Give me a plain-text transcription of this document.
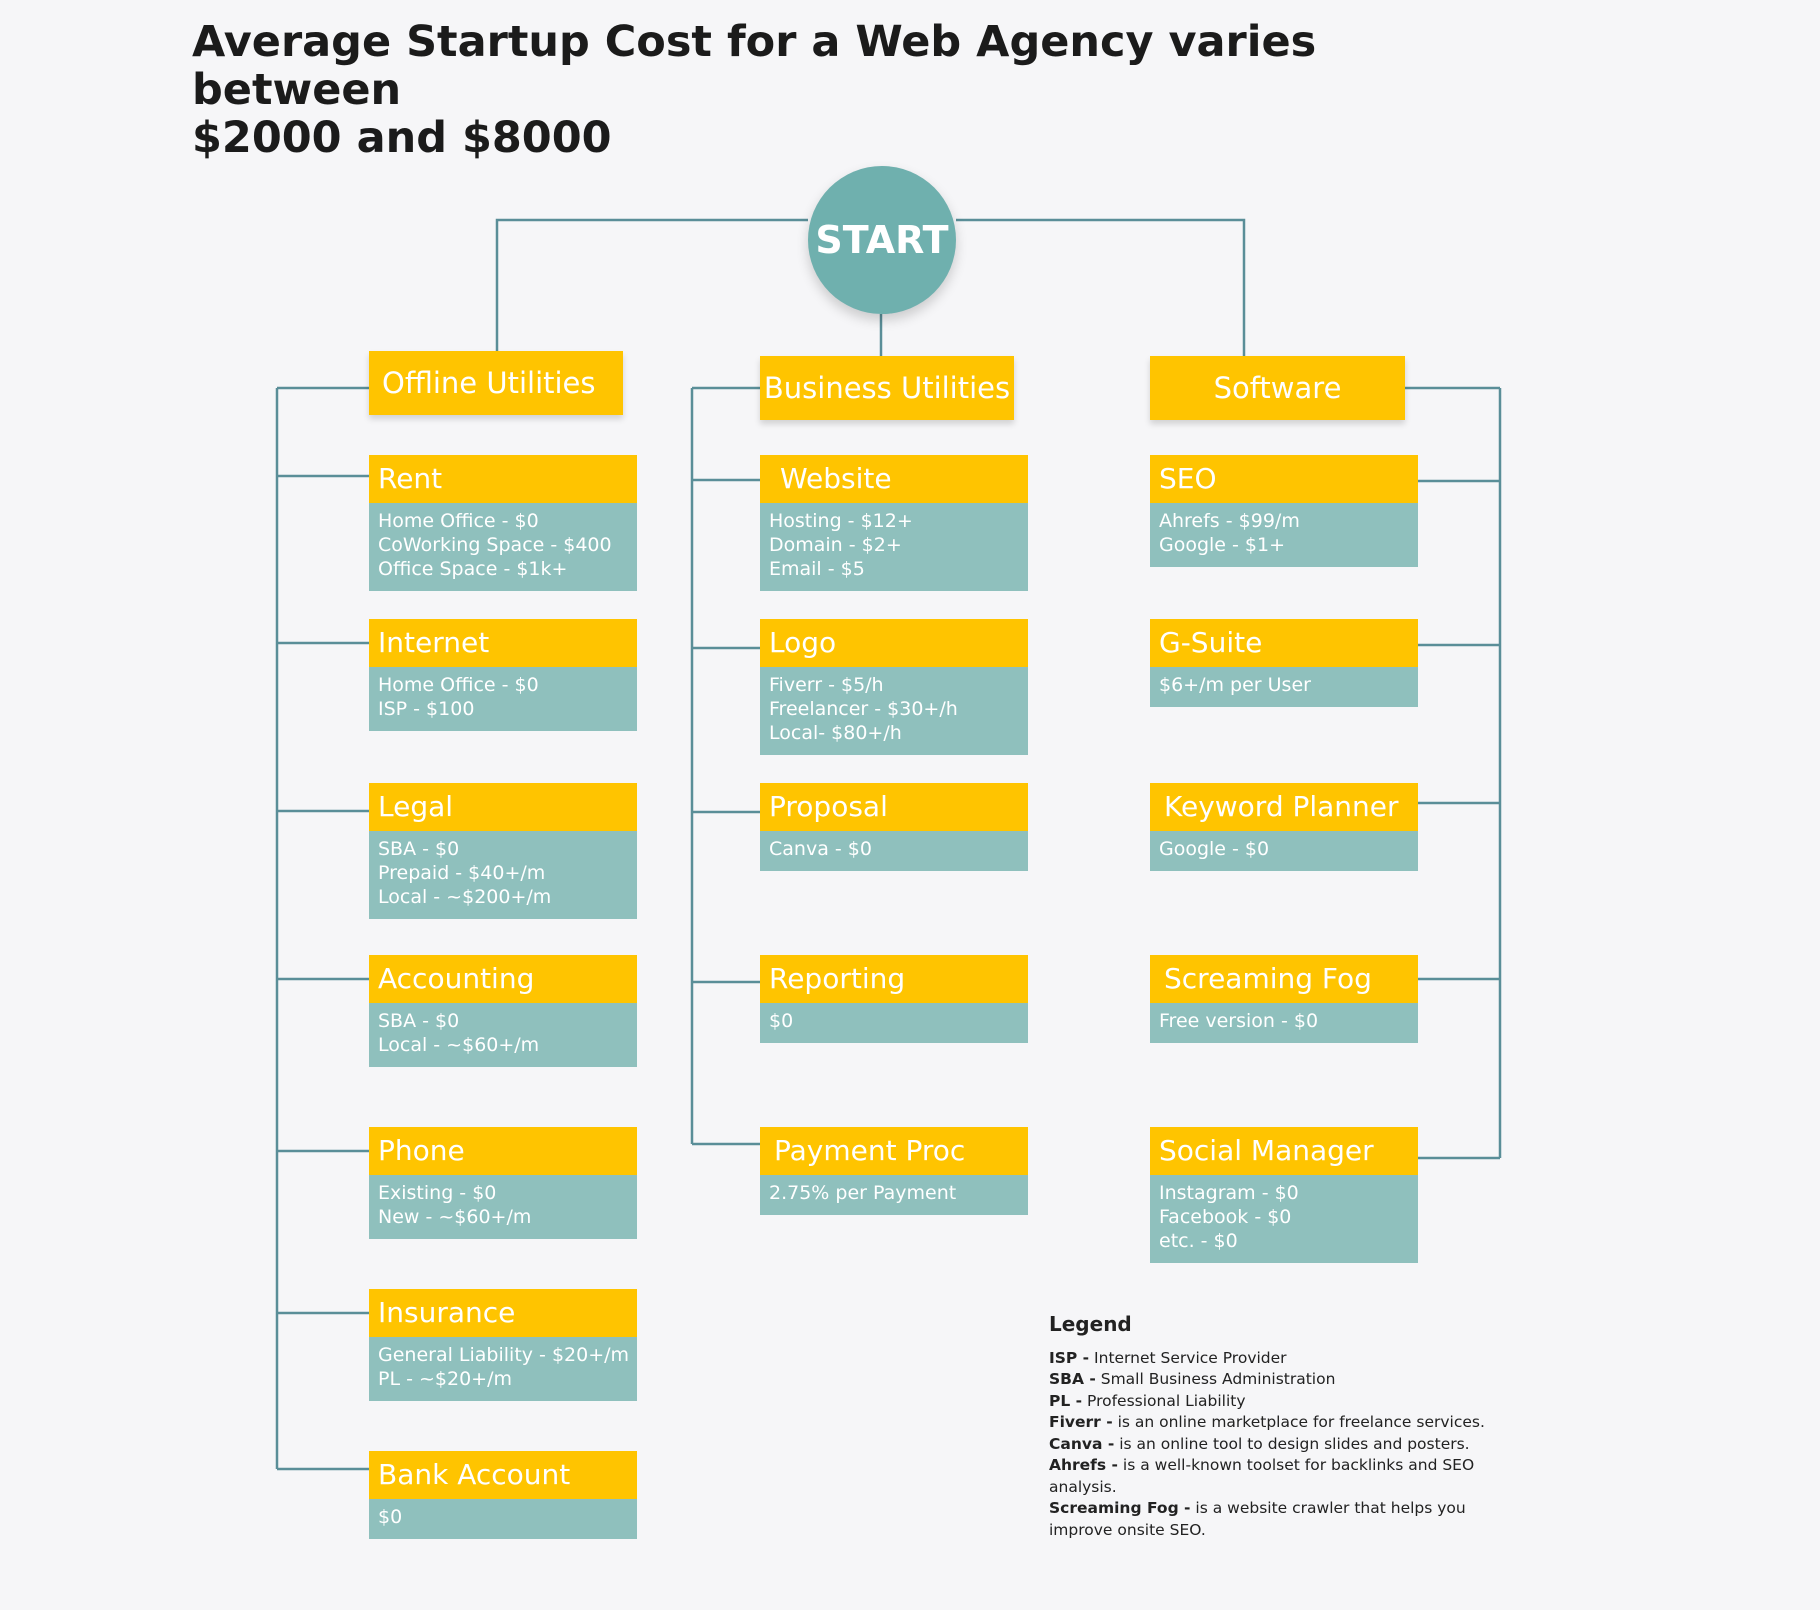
Average Startup Cost for a Web Agency varies between
$2000 and $8000
START
Offline Utilities	Business Utilities	Software
Rent
Home Office - $0
CoWorking Space - $400
Office Space - $1k+
Internet
Home Office - $0
ISP - $100
Legal
SBA - $0
Prepaid - $40+/m
Local - ~$200+/m
Accounting
SBA - $0
Local - ~$60+/m
Phone
Existing - $0
New - ~$60+/m
Insurance
General Liability - $20+/m
PL - ~$20+/m
Bank Account
$0
Website
Hosting - $12+
Domain - $2+
Email - $5
Logo
Fiverr - $5/h
Freelancer - $30+/h
Local- $80+/h
Proposal
Canva - $0
Reporting
$0
Payment Proc
2.75% per Payment
SEO
Ahrefs - $99/m
Google - $1+
G-Suite
$6+/m per User
Keyword Planner
Google - $0
Screaming Fog
Free version - $0
Social Manager
Instagram - $0
Facebook - $0
etc. - $0
Legend
ISP - Internet Service Provider
SBA - Small Business Administration
PL - Professional Liability
Fiverr - is an online marketplace for freelance services.
Canva - is an online tool to design slides and posters.
Ahrefs - is a well-known toolset for backlinks and SEO analysis.
Screaming Fog - is a website crawler that helps you improve onsite SEO.
